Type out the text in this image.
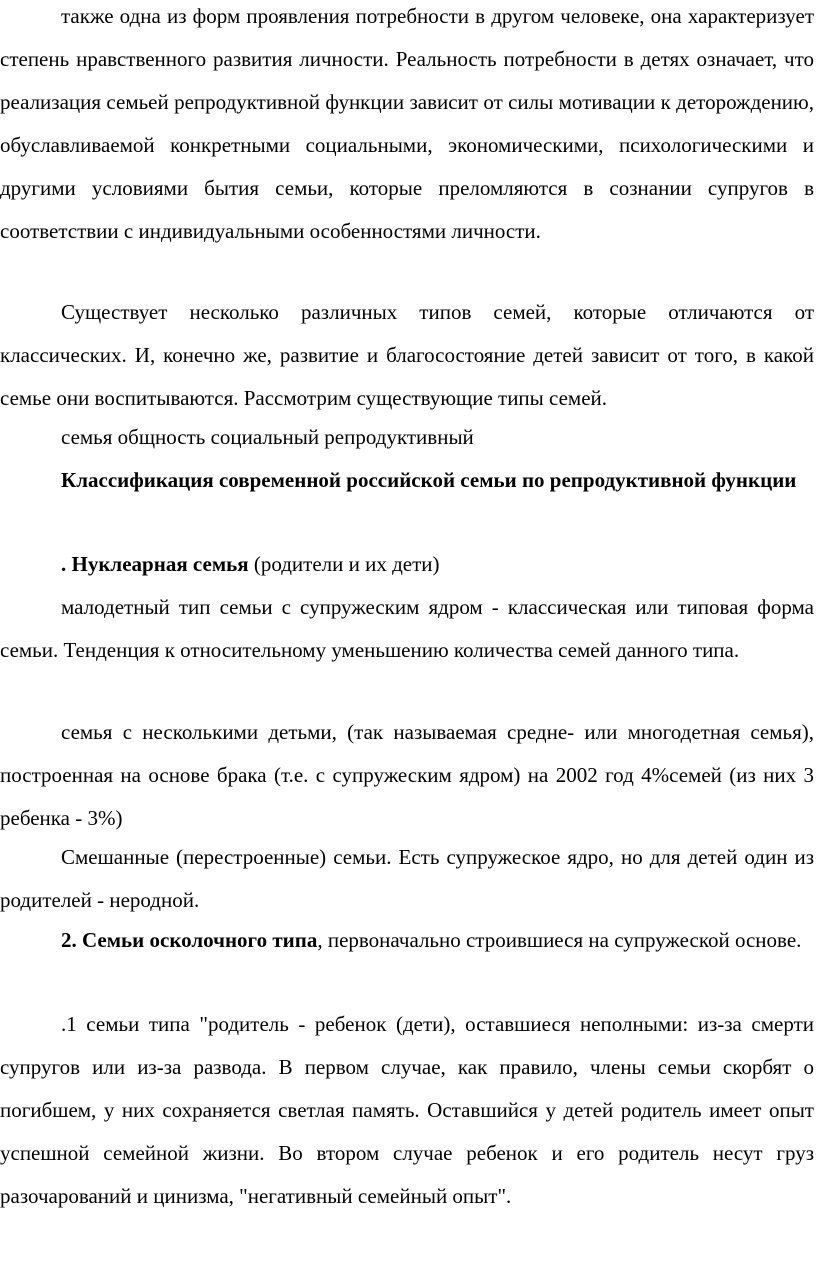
также одна из форм проявления потребности в другом человеке, она характеризует степень нравственного развития личности. Реальность потребности в детях означает, что реализация семьей репродуктивной функции зависит от силы мотивации к деторождению, обуславливаемой конкретными социальными, экономическими, психологическими и другими условиями бытия семьи, которые преломляются в сознании супругов в соответствии с индивидуальными особенностями личности.

Существует несколько различных типов семей, которые отличаются от классических. И, конечно же, развитие и благосостояние детей зависит от того, в какой семье они воспитываются. Рассмотрим существующие типы семей.

семья общность социальный репродуктивный

Классификация современной российской семьи по репродуктивной функции

. Нуклеарная семья (родители и их дети)

малодетный тип семьи с супружеским ядром - классическая или типовая форма семьи. Тенденция к относительному уменьшению количества семей данного типа.

семья с несколькими детьми, (так называемая средне- или многодетная семья), построенная на основе брака (т.е. с супружеским ядром) на 2002 год 4%семей (из них 3 ребенка - 3%)

Смешанные (перестроенные) семьи. Есть супружеское ядро, но для детей один из родителей - неродной.

2. Семьи осколочного типа, первоначально строившиеся на супружеской основе.

.1 семьи типа "родитель - ребенок (дети), оставшиеся неполными: из-за смерти супругов или из-за развода. В первом случае, как правило, члены семьи скорбят о погибшем, у них сохраняется светлая память. Оставшийся у детей родитель имеет опыт успешной семейной жизни. Во втором случае ребенок и его родитель несут груз разочарований и цинизма, "негативный семейный опыт".
